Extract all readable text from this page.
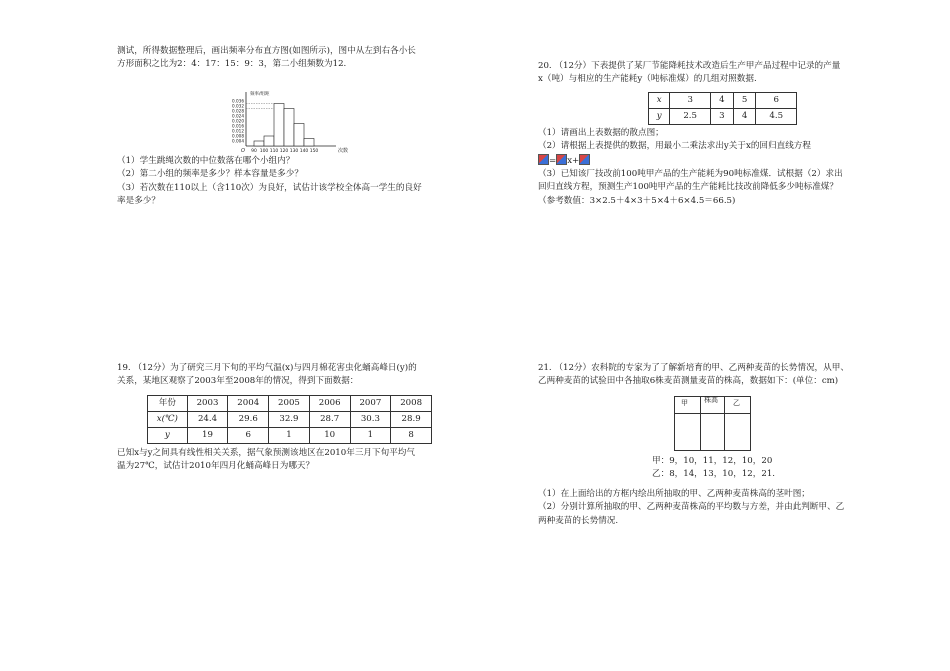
测试，所得数据整理后，画出频率分布直方图(如图所示)，图中从左到右各小长
方形面积之比为2：4：17：15：9：3，第二小组频数为12.
0.036
0.032
0.028
0.024
0.020
0.016
0.012
0.008
0.004
90 100 110 120 130 140 150
频率/组距
次数
O
（1）学生跳绳次数的中位数落在哪个小组内？
（2）第二小组的频率是多少？样本容量是多少？
（3）若次数在110以上（含110次）为良好，试估计该学校全体高一学生的良好
率是多少？
19. （12分）为了研究三月下旬的平均气温(x)与四月棉花害虫化蛹高峰日(y)的
关系，某地区观察了2003年至2008年的情况，得到下面数据：
年份	2003	2004	2005	2006	2007	2008
x(℃)	24.4	29.6	32.9	28.7	30.3	28.9
y	19	6	1	10	1	8
已知x与y之间具有线性相关关系，据气象预测该地区在2010年三月下旬平均气
温为27℃，试估计2010年四月化蛹高峰日为哪天？
20. （12分）下表提供了某厂节能降耗技术改造后生产甲产品过程中记录的产量
x（吨）与相应的生产能耗y（吨标准煤）的几组对照数据.
x	3	4	5	6
y	2.5	3	4	4.5
（1）请画出上表数据的散点图；
（2）请根据上表提供的数据，用最小二乘法求出y关于x的回归直线方程
= x+
（3）已知该厂技改前100吨甲产品的生产能耗为90吨标准煤．试根据（2）求出
回归直线方程，预测生产100吨甲产品的生产能耗比技改前降低多少吨标准煤？
（参考数值：3×2.5＋4×3＋5×4＋6×4.5＝66.5)
21. （12分）农科院的专家为了了解新培育的甲、乙两种麦苗的长势情况，从甲、
乙两种麦苗的试验田中各抽取6株麦苗测量麦苗的株高，数据如下：(单位：cm)
甲 株高 乙
甲：9，10，11，12，10，20
乙：8，14，13，10，12，21.
（1）在上面给出的方框内绘出所抽取的甲、乙两种麦苗株高的茎叶图；
（2）分别计算所抽取的甲、乙两种麦苗株高的平均数与方差，并由此判断甲、乙
两种麦苗的长势情况.
